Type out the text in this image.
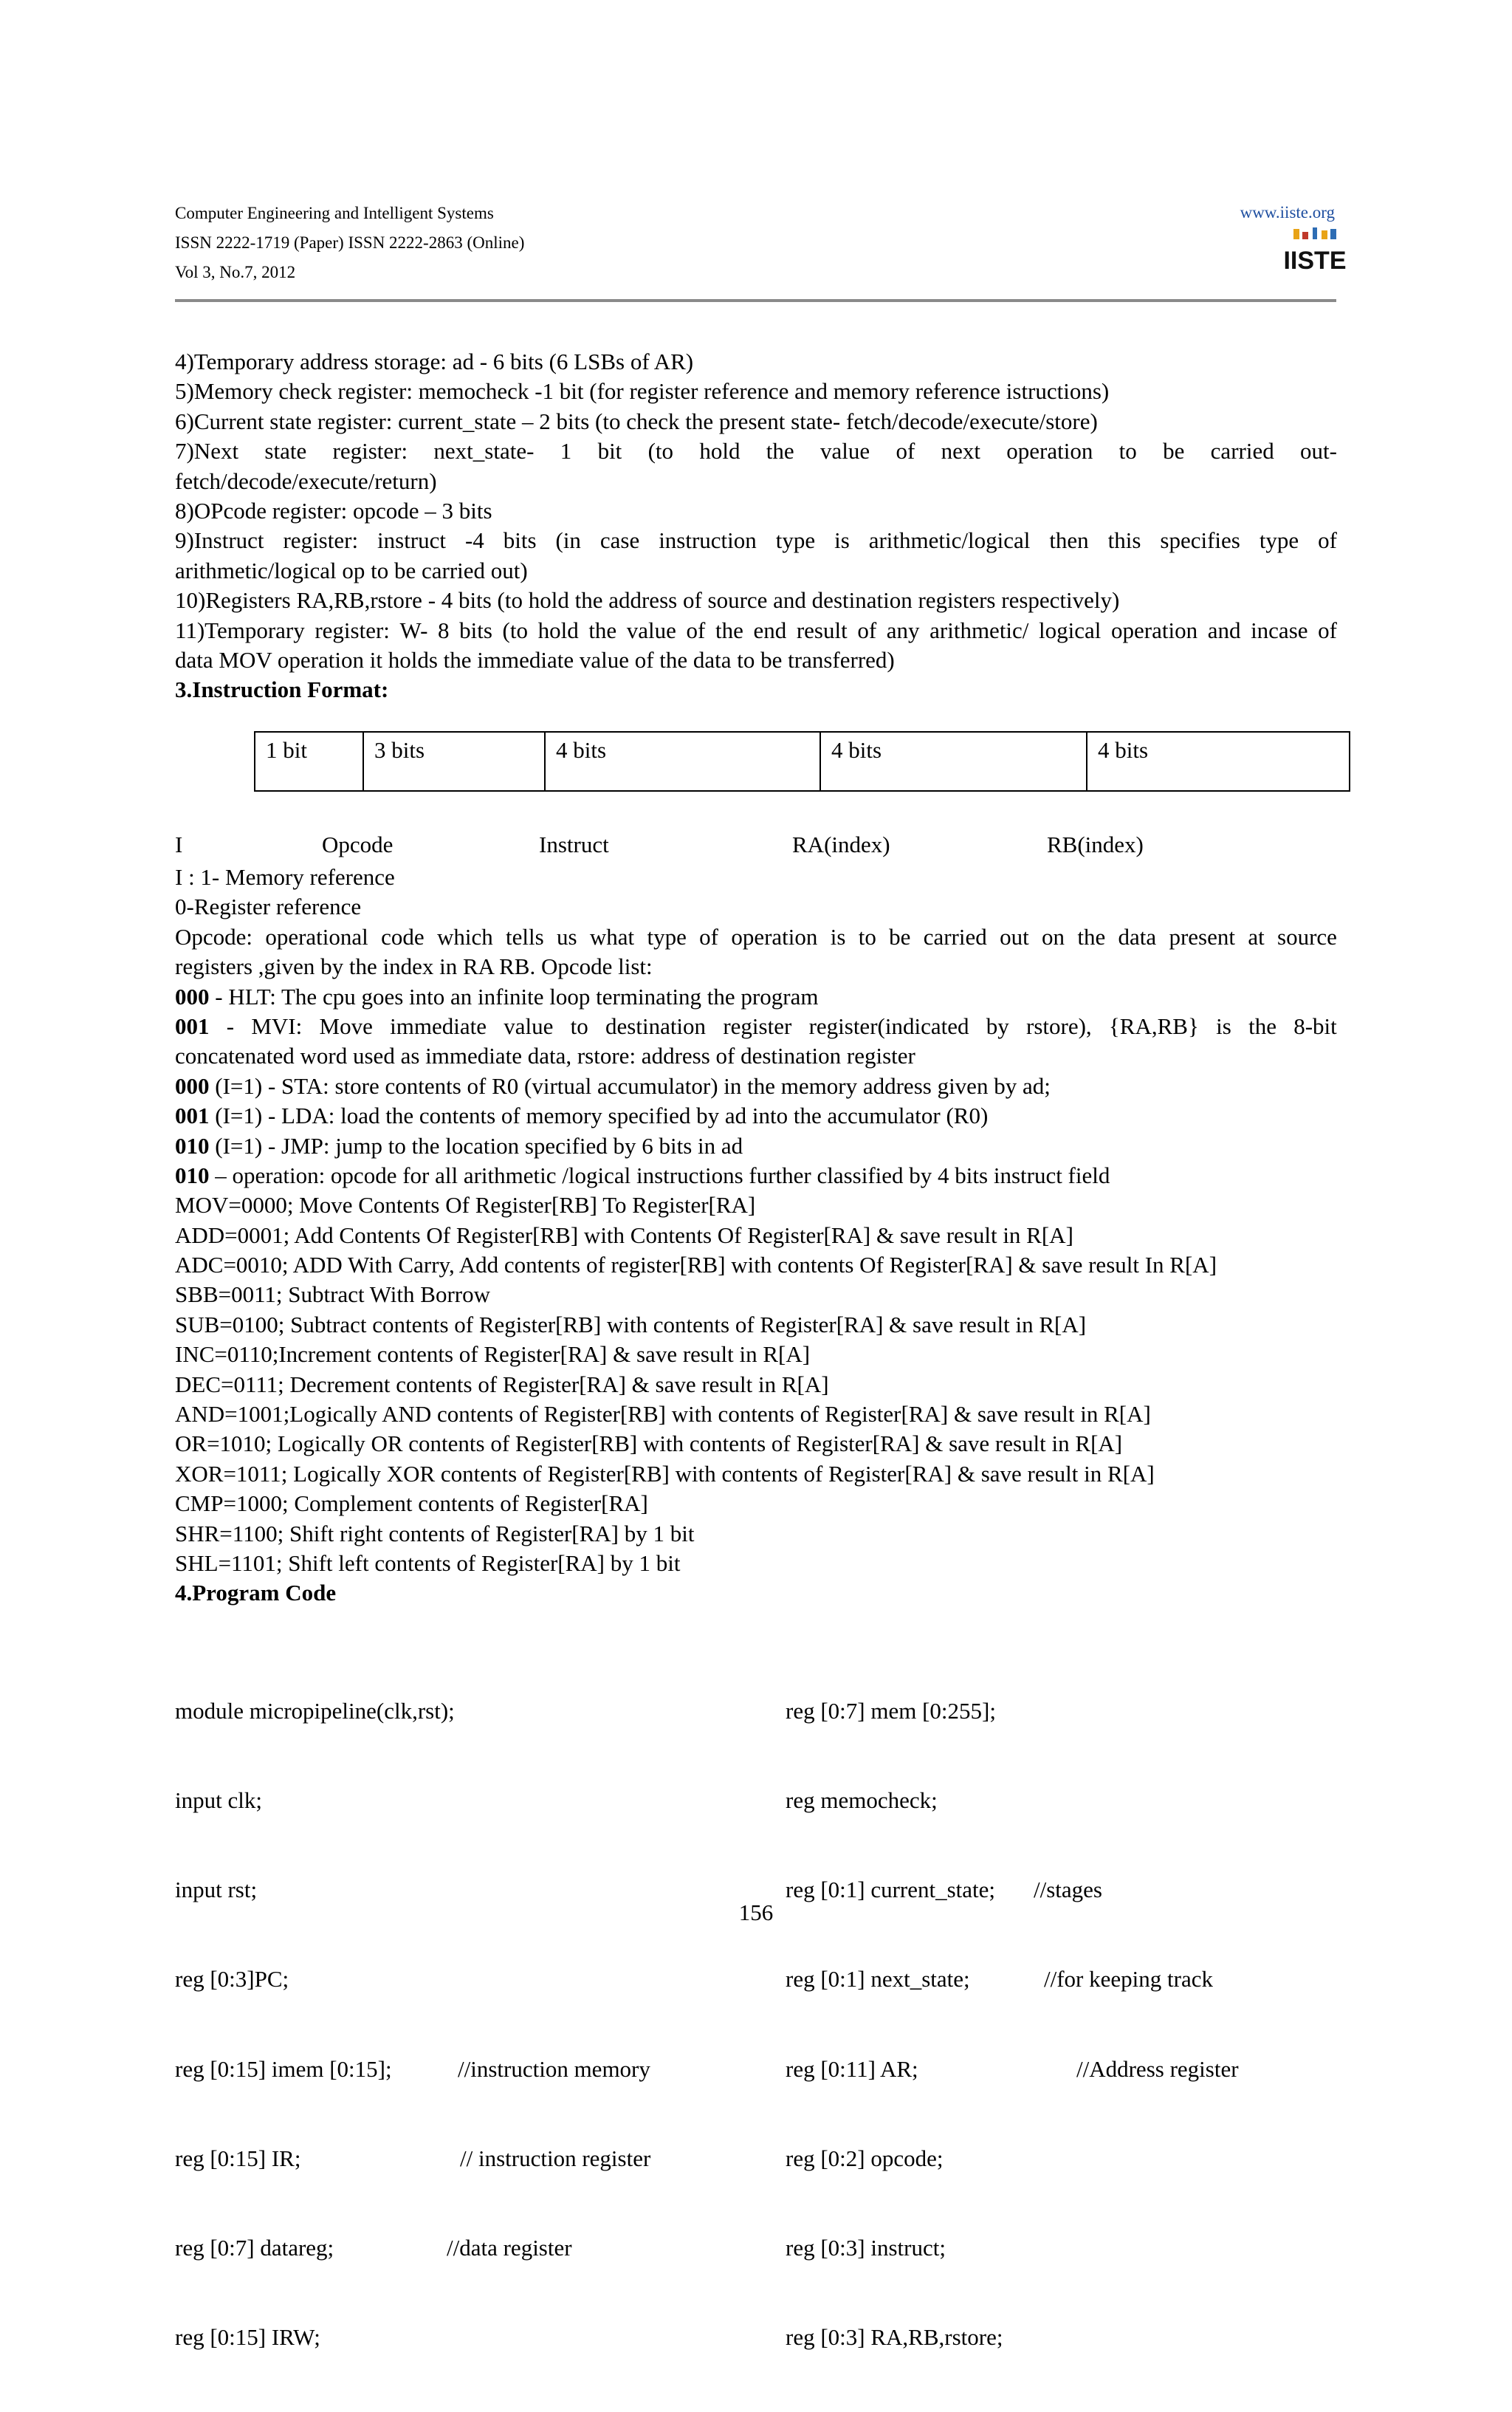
Computer Engineering and Intelligent Systems
ISSN 2222-1719 (Paper) ISSN 2222-2863 (Online)
Vol 3, No.7, 2012
www.iiste.org
IISTE
4)Temporary address storage: ad - 6 bits (6 LSBs of AR)
5)Memory check register: memocheck -1 bit (for register reference and memory reference istructions)
6)Current state register: current_state – 2 bits (to check the present state- fetch/decode/execute/store)
7)Next state register: next_state- 1 bit (to hold the value of next operation to be carried out-
fetch/decode/execute/return)
8)OPcode register: opcode – 3 bits
9)Instruct register: instruct -4 bits (in case instruction type is arithmetic/logical then this specifies type of
arithmetic/logical op to be carried out)
10)Registers RA,RB,rstore - 4 bits (to hold the address of source and destination registers respectively)
11)Temporary register: W- 8 bits (to hold the value of the end result of any arithmetic/ logical operation and incase of
data MOV operation it holds the immediate value of the data to be transferred)
3.Instruction Format:
1 bit	3 bits	4 bits	4 bits	4 bits
I	Opcode	Instruct	RA(index)	RB(index)
I : 1- Memory reference
0-Register reference
Opcode: operational code which tells us what type of operation is to be carried out on the data present at source
registers ,given by the index in RA RB. Opcode list:
000 - HLT: The cpu goes into an infinite loop terminating the program
001 - MVI: Move immediate value to destination register register(indicated by rstore), {RA,RB} is the 8-bit
concatenated word used as immediate data, rstore: address of destination register
000 (I=1) - STA: store contents of R0 (virtual accumulator) in the memory address given by ad;
001 (I=1) - LDA: load the contents of memory specified by ad into the accumulator (R0)
010 (I=1) - JMP: jump to the location specified by 6 bits in ad
010 – operation: opcode for all arithmetic /logical instructions further classified by 4 bits instruct field
MOV=0000; Move Contents Of Register[RB] To Register[RA]
ADD=0001; Add Contents Of Register[RB] with Contents Of Register[RA] & save result in R[A]
ADC=0010; ADD With Carry, Add contents of register[RB] with contents Of Register[RA] & save result In R[A]
SBB=0011; Subtract With Borrow
SUB=0100; Subtract contents of Register[RB] with contents of Register[RA] & save result in R[A]
INC=0110;Increment contents of Register[RA] & save result in R[A]
DEC=0111; Decrement contents of Register[RA] & save result in R[A]
AND=1001;Logically AND contents of Register[RB] with contents of Register[RA] & save result in R[A]
OR=1010; Logically OR contents of Register[RB] with contents of Register[RA] & save result in R[A]
XOR=1011; Logically XOR contents of Register[RB] with contents of Register[RA] & save result in R[A]
CMP=1000; Complement contents of Register[RA]
SHR=1100; Shift right contents of Register[RA] by 1 bit
SHL=1101; Shift left contents of Register[RA] by 1 bit
4.Program Code

module micropipeline(clk,rst);

input clk;

input rst;

reg [0:3]PC;

reg [0:15] imem [0:15];	//instruction memory

reg [0:15] IR;	// instruction register

reg [0:7] datareg;	//data register

reg [0:15] IRW;

reg [0:7] mem [0:255];

reg memocheck;

reg [0:1] current_state; //stages

reg [0:1] next_state;	//for keeping track

reg [0:11] AR;	//Address register

reg [0:2] opcode;

reg [0:3] instruct;

reg [0:3] RA,RB,rstore;

156
